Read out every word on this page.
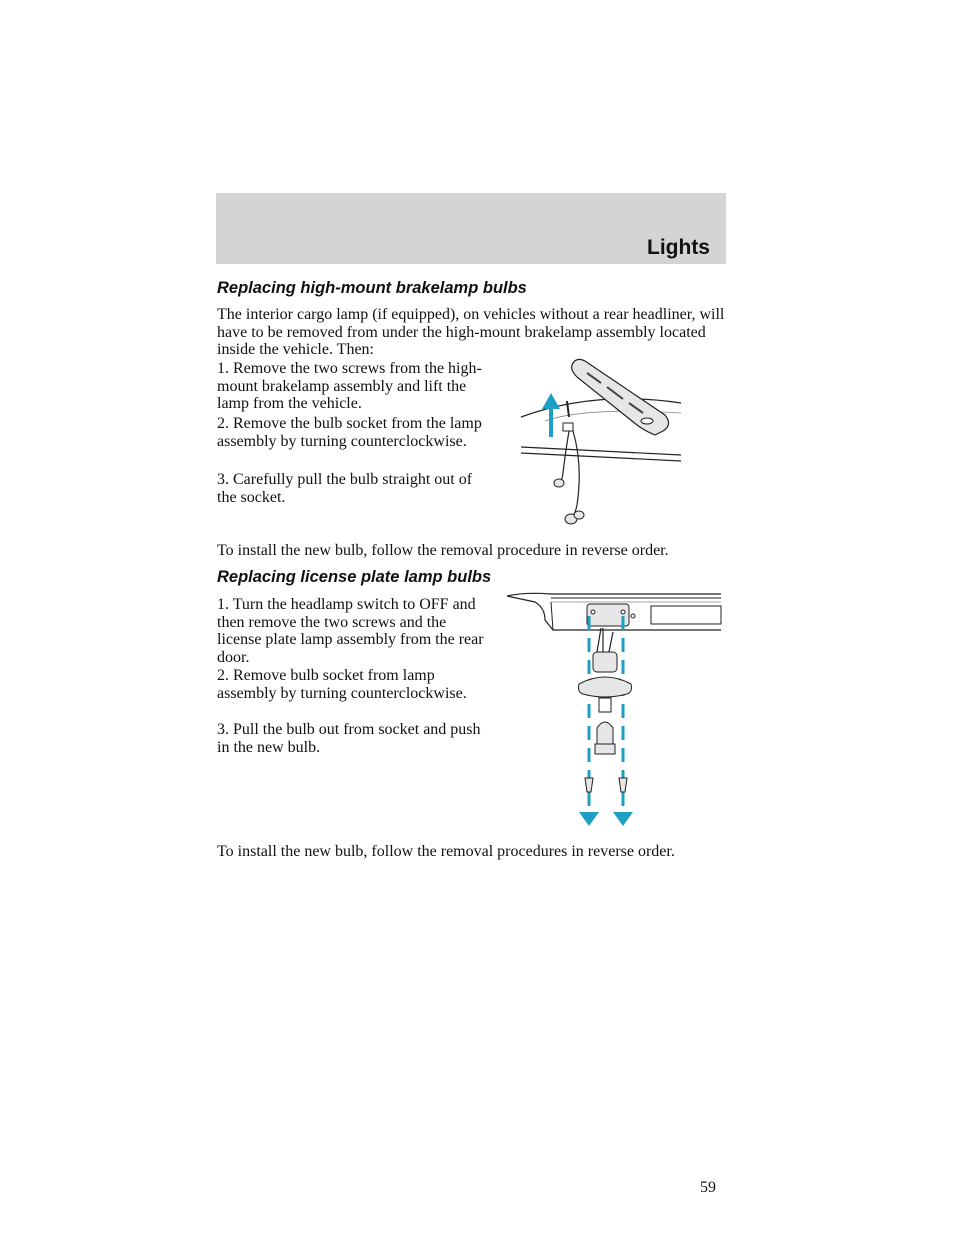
Lights
Replacing high-mount brakelamp bulbs

The interior cargo lamp (if equipped), on vehicles without a rear headliner, will have to be removed from under the high-mount brakelamp assembly located inside the vehicle. Then:

1. Remove the two screws from the high-mount brakelamp assembly and lift the lamp from the vehicle.

2. Remove the bulb socket from the lamp assembly by turning counterclockwise.

3. Carefully pull the bulb straight out of the socket.

To install the new bulb, follow the removal procedure in reverse order.

Replacing license plate lamp bulbs

1. Turn the headlamp switch to OFF and then remove the two screws and the license plate lamp assembly from the rear door.

2. Remove bulb socket from lamp assembly by turning counterclockwise.

3. Pull the bulb out from socket and push in the new bulb.

To install the new bulb, follow the removal procedures in reverse order.

59
